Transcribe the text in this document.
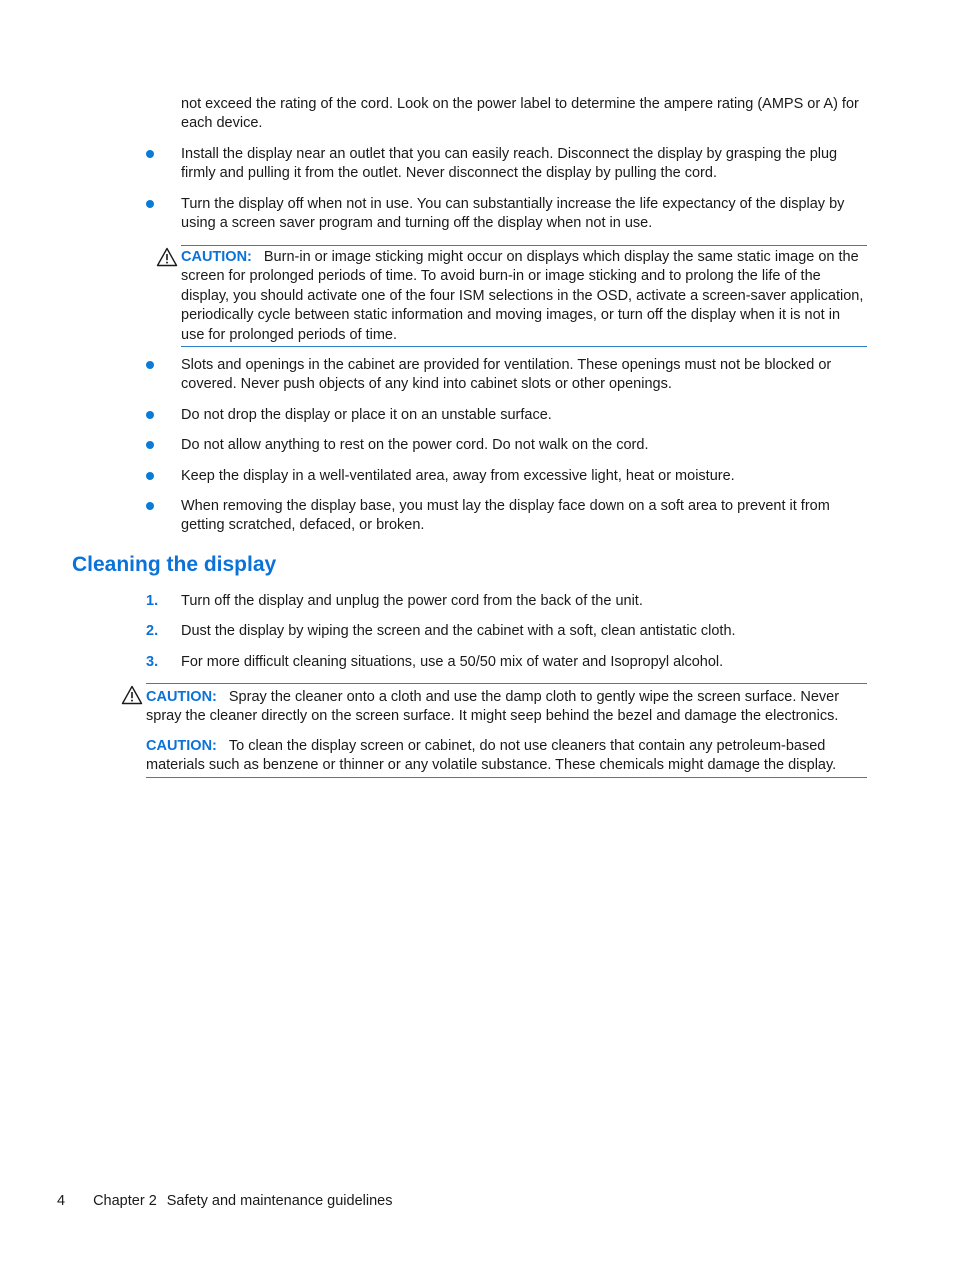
not exceed the rating of the cord. Look on the power label to determine the ampere rating (AMPS or A) for each device.

Install the display near an outlet that you can easily reach. Disconnect the display by grasping the plug firmly and pulling it from the outlet. Never disconnect the display by pulling the cord.

Turn the display off when not in use. You can substantially increase the life expectancy of the display by using a screen saver program and turning off the display when not in use.

CAUTION: Burn-in or image sticking might occur on displays which display the same static image on the screen for prolonged periods of time. To avoid burn-in or image sticking and to prolong the life of the display, you should activate one of the four ISM selections in the OSD, activate a screen-saver application, periodically cycle between static information and moving images, or turn off the display when it is not in use for prolonged periods of time.

Slots and openings in the cabinet are provided for ventilation. These openings must not be blocked or covered. Never push objects of any kind into cabinet slots or other openings.

Do not drop the display or place it on an unstable surface.

Do not allow anything to rest on the power cord. Do not walk on the cord.

Keep the display in a well-ventilated area, away from excessive light, heat or moisture.

When removing the display base, you must lay the display face down on a soft area to prevent it from getting scratched, defaced, or broken.

Cleaning the display
1. Turn off the display and unplug the power cord from the back of the unit.

2. Dust the display by wiping the screen and the cabinet with a soft, clean antistatic cloth.

3. For more difficult cleaning situations, use a 50/50 mix of water and Isopropyl alcohol.

CAUTION: Spray the cleaner onto a cloth and use the damp cloth to gently wipe the screen surface. Never spray the cleaner directly on the screen surface. It might seep behind the bezel and damage the electronics.
CAUTION: To clean the display screen or cabinet, do not use cleaners that contain any petroleum-based materials such as benzene or thinner or any volatile substance. These chemicals might damage the display.
4 Chapter 2 Safety and maintenance guidelines
